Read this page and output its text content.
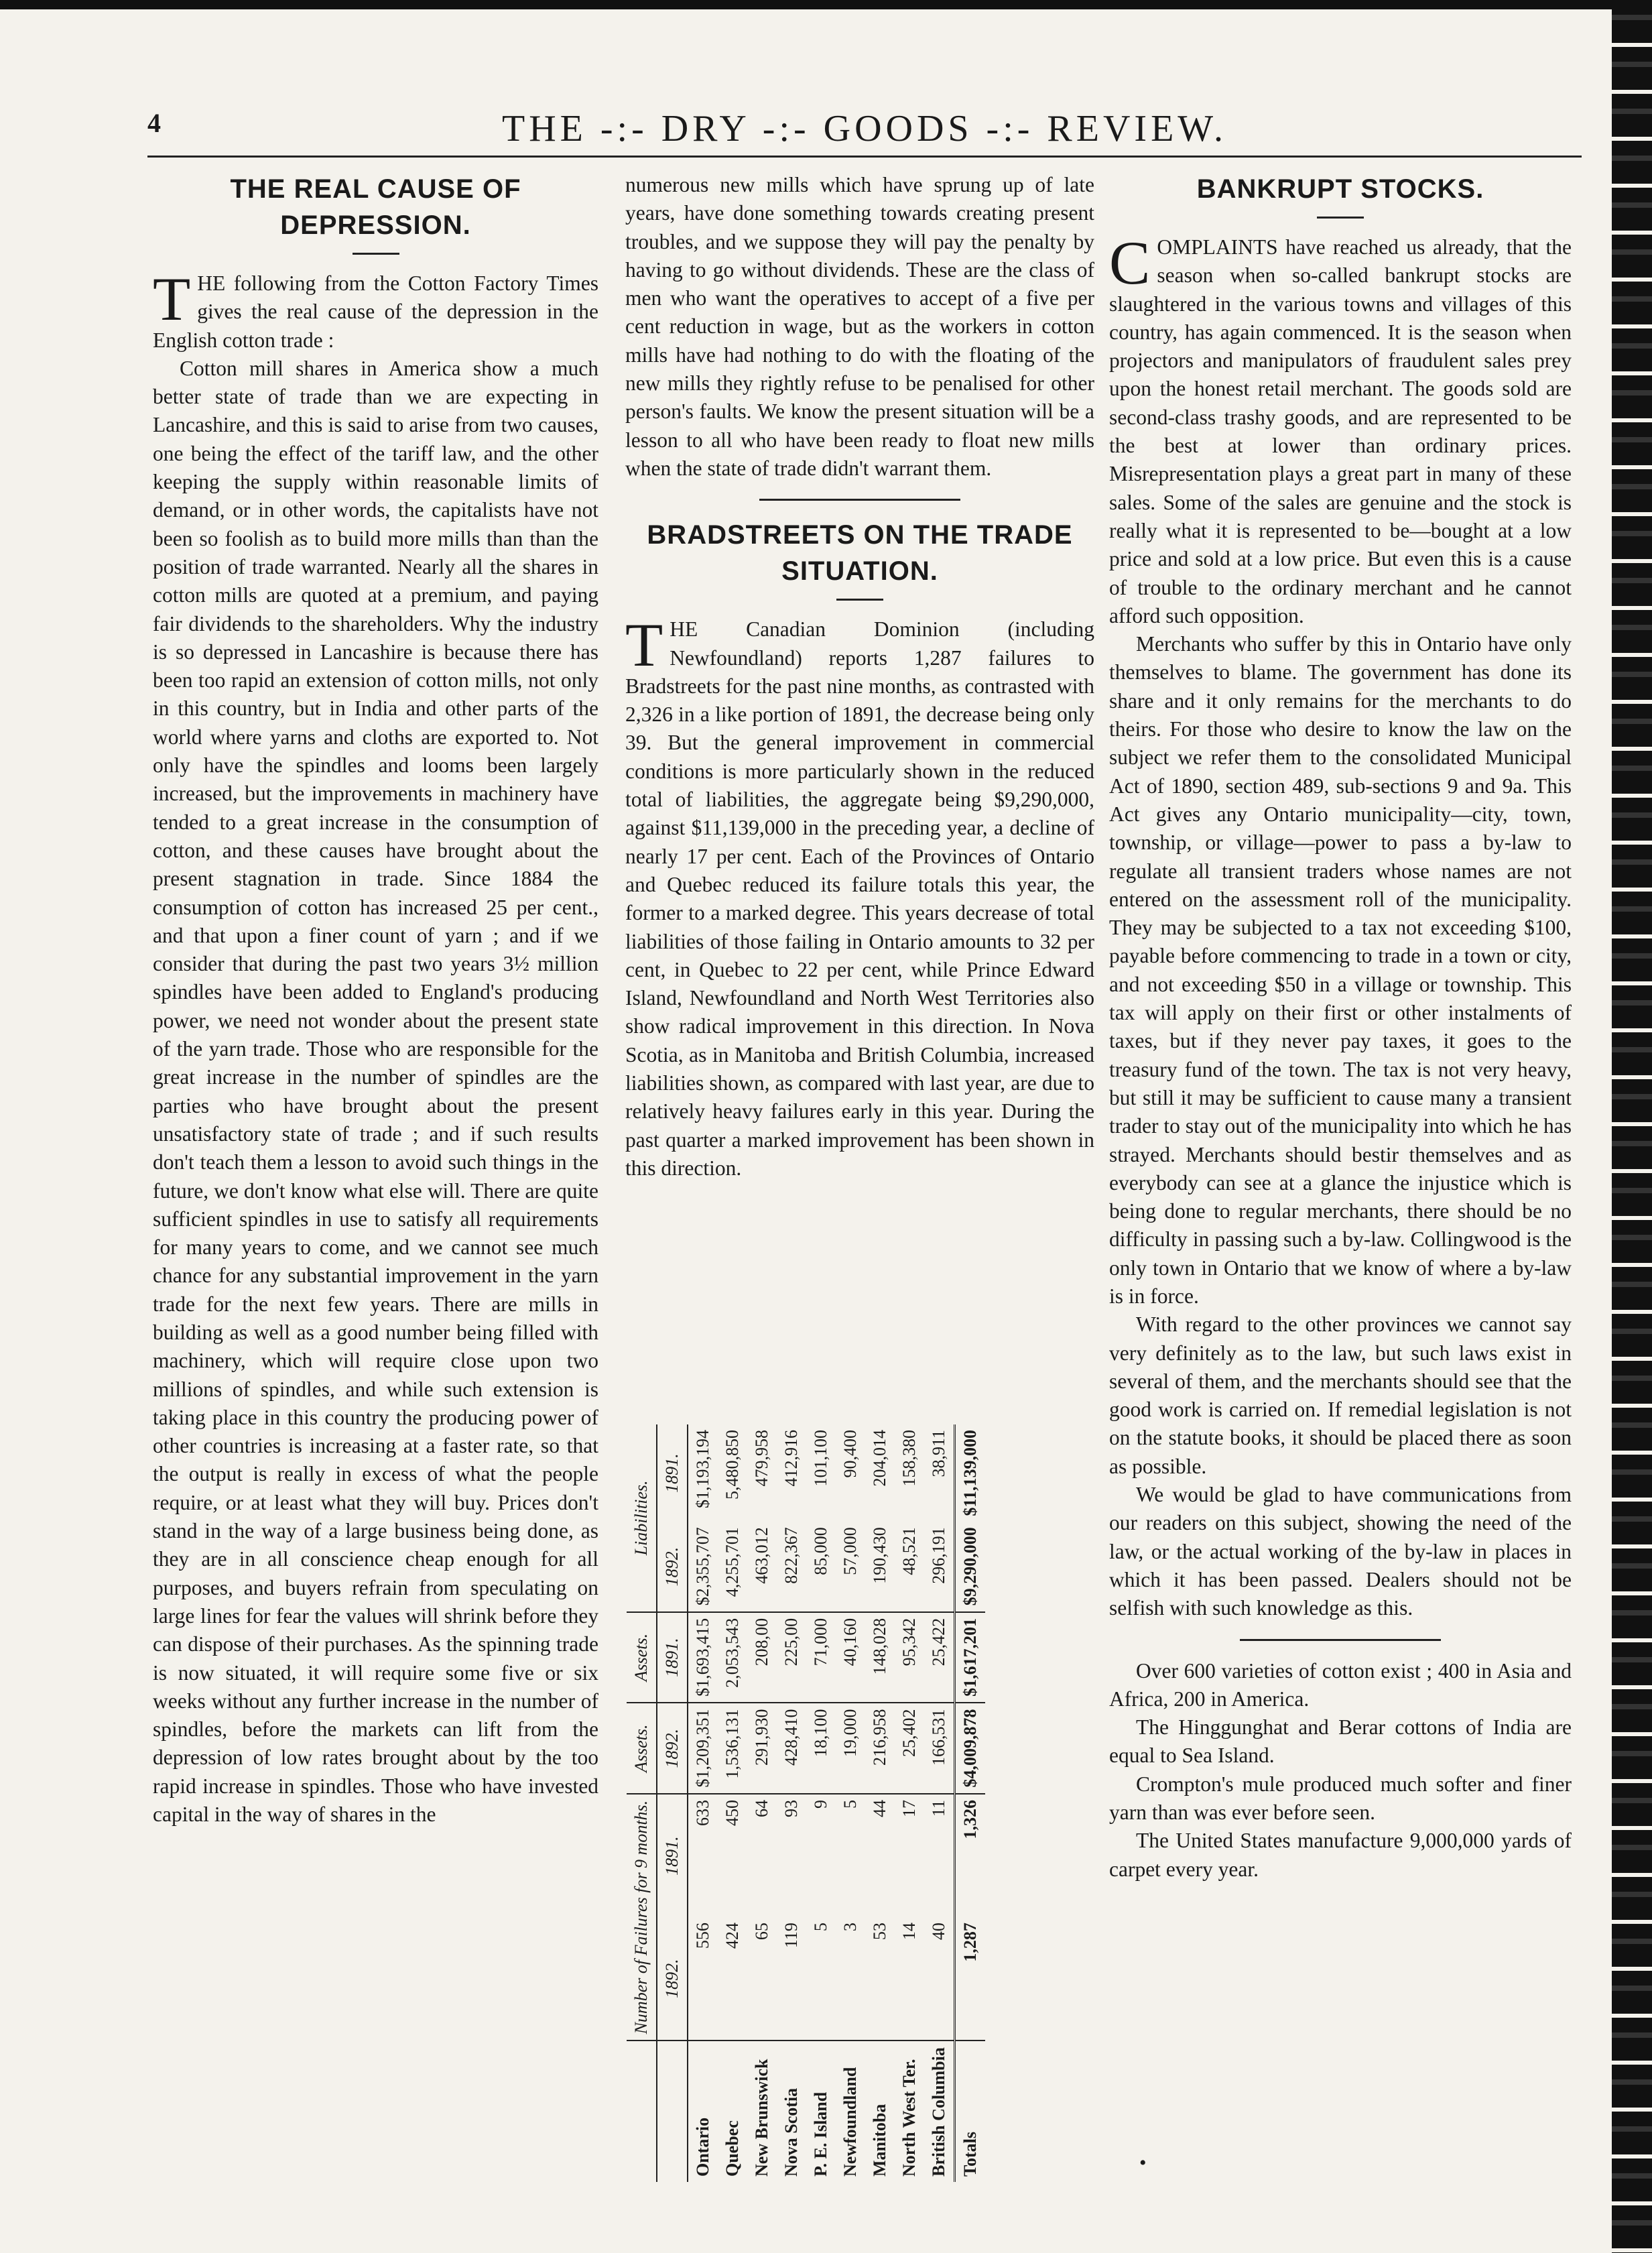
4	THE -:- DRY -:- GOODS -:- REVIEW.
THE REAL CAUSE OF DEPRESSION.

THE following from the Cotton Factory Times gives the real cause of the depression in the English cotton trade :

Cotton mill shares in America show a much better state of trade than we are expecting in Lancashire, and this is said to arise from two causes, one being the effect of the tariff law, and the other keeping the supply within reasonable limits of demand, or in other words, the capitalists have not been so foolish as to build more mills than than the position of trade warranted. Nearly all the shares in cotton mills are quoted at a premium, and paying fair dividends to the shareholders. Why the industry is so depressed in Lancashire is because there has been too rapid an extension of cotton mills, not only in this country, but in India and other parts of the world where yarns and cloths are exported to. Not only have the spindles and looms been largely increased, but the improvements in machinery have tended to a great increase in the consumption of cotton, and these causes have brought about the present stagnation in trade. Since 1884 the consumption of cotton has increased 25 per cent., and that upon a finer count of yarn ; and if we consider that during the past two years 3½ million spindles have been added to England's producing power, we need not wonder about the present state of the yarn trade. Those who are responsible for the great increase in the number of spindles are the parties who have brought about the present unsatisfactory state of trade ; and if such results don't teach them a lesson to avoid such things in the future, we don't know what else will. There are quite sufficient spindles in use to satisfy all requirements for many years to come, and we cannot see much chance for any substantial improvement in the yarn trade for the next few years. There are mills in building as well as a good number being filled with machinery, which will require close upon two millions of spindles, and while such extension is taking place in this country the producing power of other countries is increasing at a faster rate, so that the output is really in excess of what the people require, or at least what they will buy. Prices don't stand in the way of a large business being done, as they are in all conscience cheap enough for all purposes, and buyers refrain from speculating on large lines for fear the values will shrink before they can dispose of their purchases. As the spinning trade is now situated, it will require some five or six weeks without any further increase in the number of spindles, before the markets can lift from the depression of low rates brought about by the too rapid increase in spindles. Those who have invested capital in the way of shares in the

numerous new mills which have sprung up of late years, have done something towards creating present troubles, and we suppose they will pay the penalty by having to go without dividends. These are the class of men who want the operatives to accept of a five per cent reduction in wage, but as the workers in cotton mills have had nothing to do with the floating of the new mills they rightly refuse to be penalised for other person's faults. We know the present situation will be a lesson to all who have been ready to float new mills when the state of trade didn't warrant them.

BRADSTREETS ON THE TRADE SITUATION.

THE Canadian Dominion (including Newfoundland) reports 1,287 failures to Bradstreets for the past nine months, as contrasted with 2,326 in a like portion of 1891, the decrease being only 39. But the general improvement in commercial conditions is more particularly shown in the reduced total of liabilities, the aggregate being $9,290,000, against $11,139,000 in the preceding year, a decline of nearly 17 per cent. Each of the Provinces of Ontario and Quebec reduced its failure totals this year, the former to a marked degree. This years decrease of total liabilities of those failing in Ontario amounts to 32 per cent, in Quebec to 22 per cent, while Prince Edward Island, Newfoundland and North West Territories also show radical improvement in this direction. In Nova Scotia, as in Manitoba and British Columbia, increased liabilities shown, as compared with last year, are due to relatively heavy failures early in this year. During the past quarter a marked improvement has been shown in this direction.

	Number of Failures for 9 months.		Assets.	Assets.	Liabilities.	
	1892.	1891.	1892.	1891.	1892.	1891.
Ontario	556	633	$1,209,351	$1,693,415	$2,355,707	$1,193,194
Quebec	424	450	1,536,131	2,053,543	4,255,701	5,480,850
New Brunswick	65	64	291,930	208,00	463,012	479,958
Nova Scotia	119	93	428,410	225,00	822,367	412,916
P. E. Island	5	9	18,100	71,000	85,000	101,100
Newfoundland	3	5	19,000	40,160	57,000	90,400
Manitoba	53	44	216,958	148,028	190,430	204,014
North West Ter.	14	17	25,402	95,342	48,521	158,380
British Columbia	40	11	166,531	25,422	296,191	38,911
Totals	1,287	1,326	$4,009,878	$1,617,201	$9,290,000	$11,139,000
BANKRUPT STOCKS.

COMPLAINTS have reached us already, that the season when so-called bankrupt stocks are slaughtered in the various towns and villages of this country, has again commenced. It is the season when projectors and manipulators of fraudulent sales prey upon the honest retail merchant. The goods sold are second-class trashy goods, and are represented to be the best at lower than ordinary prices. Misrepresentation plays a great part in many of these sales. Some of the sales are genuine and the stock is really what it is represented to be—bought at a low price and sold at a low price. But even this is a cause of trouble to the ordinary merchant and he cannot afford such opposition.

Merchants who suffer by this in Ontario have only themselves to blame. The government has done its share and it only remains for the merchants to do theirs. For those who desire to know the law on the subject we refer them to the consolidated Municipal Act of 1890, section 489, sub-sections 9 and 9a. This Act gives any Ontario municipality—city, town, township, or village—power to pass a by-law to regulate all transient traders whose names are not entered on the assessment roll of the municipality. They may be subjected to a tax not exceeding $100, payable before commencing to trade in a town or city, and not exceeding $50 in a village or township. This tax will apply on their first or other instalments of taxes, but if they never pay taxes, it goes to the treasury fund of the town. The tax is not very heavy, but still it may be sufficient to cause many a transient trader to stay out of the municipality into which he has strayed. Merchants should bestir themselves and as everybody can see at a glance the injustice which is being done to regular merchants, there should be no difficulty in passing such a by-law. Collingwood is the only town in Ontario that we know of where a by-law is in force.

With regard to the other provinces we cannot say very definitely as to the law, but such laws exist in several of them, and the merchants should see that the good work is carried on. If remedial legislation is not on the statute books, it should be placed there as soon as possible.

We would be glad to have communications from our readers on this subject, showing the need of the law, or the actual working of the by-law in places in which it has been passed. Dealers should not be selfish with such knowledge as this.

Over 600 varieties of cotton exist ; 400 in Asia and Africa, 200 in America.

The Hinggunghat and Berar cottons of India are equal to Sea Island.

Crompton's mule produced much softer and finer yarn than was ever before seen.

The United States manufacture 9,000,000 yards of carpet every year.

•
